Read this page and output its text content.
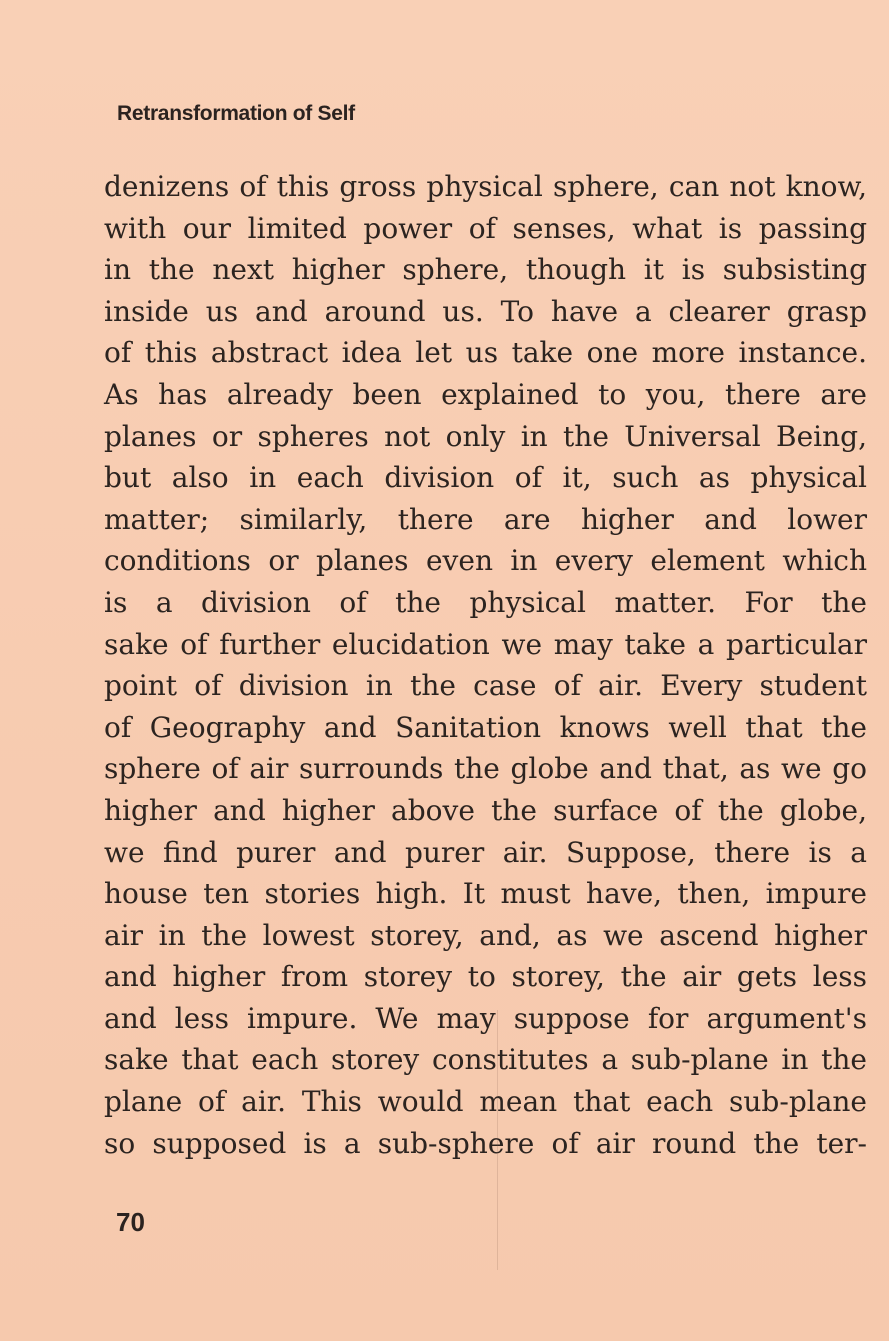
Retransformation of Self
denizens of this gross physical sphere, can not know,
with our limited power of senses, what is passing
in the next higher sphere, though it is subsisting
inside us and around us. To have a clearer grasp
of this abstract idea let us take one more instance.
As has already been explained to you, there are
planes or spheres not only in the Universal Being,
but also in each division of it, such as physical
matter; similarly, there are higher and lower
conditions or planes even in every element which
is a division of the physical matter. For the
sake of further elucidation we may take a particular
point of division in the case of air. Every student
of Geography and Sanitation knows well that the
sphere of air surrounds the globe and that, as we go
higher and higher above the surface of the globe,
we find purer and purer air. Suppose, there is a
house ten stories high. It must have, then, impure
air in the lowest storey, and, as we ascend higher
and higher from storey to storey, the air gets less
and less impure. We may suppose for argument's
sake that each storey constitutes a sub-plane in the
plane of air. This would mean that each sub-plane
so supposed is a sub-sphere of air round the ter-

70
